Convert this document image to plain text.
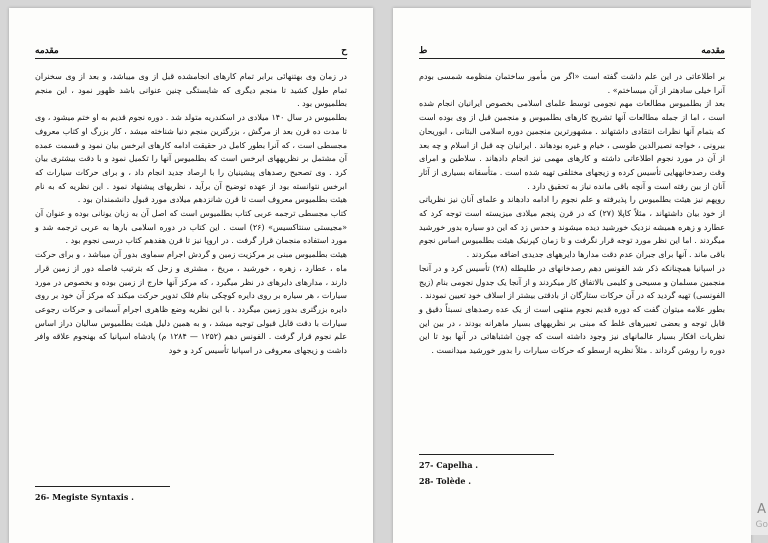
مقدمه	ح

در زمان وی بهتنهائی برابر تمام کارهای انجامشده قبل از وی میباشد، و بعد از وی سخنران تمام طول کشید تا منجم دیگری که شایستگی چنین عنوانی باشد ظهور نمود ، این منجم بطلمیوس بود .

بطلمیوس در سال ۱۴۰ میلادی در اسکندریه متولد شد . دوره نجوم قدیم به او ختم میشود ، وی تا مدت ده قرن بعد از مرگش ، بزرگترین منجم دنیا شناخته میشد ، کار بزرگ او کتاب معروف مجسطی است ، که آنرا بطور کامل در حقیقت ادامه کارهای ابرخس بیان نمود و قسمت عمده آن مشتمل بر نظریههای ابرخس است که بطلمیوس آنها را تکمیل نمود و با دقت بیشتری بیان کرد . وی تصحیح رصدهای پیشینیان را با ارصاد جدید انجام داد ، و برای حرکات سیارات که ابرخس نتوانسته بود از عهده توضیح آن برآید ، نظریهای پیشنهاد نمود . این نظریه که به نام هیئت بطلمیوس معروف است تا قرن شانزدهم میلادی مورد قبول دانشمندان بود .

کتاب مجسطی ترجمه عربی کتاب بطلمیوس است که اصل آن به زبان یونانی بوده و عنوان آن «مجیستی سنتاکسیس» (۲۶) است . این کتاب در دوره اسلامی بارها به عربی ترجمه شد و مورد استفاده منجمان قرار گرفت . در اروپا نیز تا قرن هفدهم کتاب درسی نجوم بود .

هیئت بطلمیوس مبنی بر مرکزیت زمین و گردش اجرام سماوی بدور آن میباشد ، و برای حرکت ماه ، عطارد ، زهره ، خورشید ، مریخ ، مشتری و زحل که بترتیب فاصله دور از زمین قرار دارند ، مدارهای دایرهای در نظر میگیرد ، که مرکز آنها خارج از زمین بوده و بخصوص در مورد سیارات ، هر سیاره بر روی دایره کوچکی بنام فلک تدویر حرکت میکند که مرکز آن خود بر روی دایره بزرگتری بدور زمین میگردد . با این نظریه وضع ظاهری اجرام آسمانی و حرکات رجوعی سیارات با دقت قابل قبولی توجیه میشد ، و به همین دلیل هیئت بطلمیوس سالیان دراز اساس علم نجوم قرار گرفت . الفونس دهم (۱۲۵۲ — ۱۲۸۴ م) پادشاه اسپانیا که بهنجوم علاقه وافر داشت و زیجهای معروفی در اسپانیا تأسیس کرد و خود

26- Megiste Syntaxis .
ط	مقدمه

بر اطلاعاتی در این علم داشت گفته است «اگر من مأمور ساختمان منظومه شمسی بودم آنرا خیلی سادهتر از آن میساختم» .

بعد از بطلمیوس مطالعات مهم نجومی توسط علمای اسلامی بخصوص ایرانیان انجام شده است ، اما از جمله مطالعات آنها تشریح کارهای بطلمیوس و منجمین قبل از وی بوده است که بتمام آنها نظرات انتقادی داشتهاند . مشهورترین منجمین دوره اسلامی البتانی ، ابوریحان بیرونی ، خواجه نصیرالدین طوسی ، خیام و غیره بودهاند . ایرانیان چه قبل از اسلام و چه بعد از آن در مورد نجوم اطلاعاتی داشته و کارهای مهمی نیز انجام دادهاند . سلاطین و امرای وقت رصدخانههایی تأسیس کرده و زیجهای مختلفی تهیه شده است . متأسفانه بسیاری از آثار آنان از بین رفته است و آنچه باقی مانده نیاز به تحقیق دارد .

روپهم نیز هیئت بطلمیوس را پذیرفته و علم نجوم را ادامه دادهاند و علمای آنان نیز نظریاتی از خود بیان داشتهاند ، مثلاً کاپلا (۲۷) که در قرن پنجم میلادی میزیسته است توجه کرد که عطارد و زهره همیشه نزدیک خورشید دیده میشوند و حدس زد که این دو سیاره بدور خورشید میگردند . اما این نظر مورد توجه قرار نگرفت و تا زمان کپرنیک هیئت بطلمیوس اساس نجوم باقی ماند . آنها برای جبران عدم دقت مدارها دایرههای جدیدی اضافه میکردند .

در اسپانیا همچنانکه ذکر شد الفونس دهم رصدخانهای در طلیطله (۲۸) تأسیس کرد و در آنجا منجمین مسلمان و مسیحی و کلیمی بالاتفاق کار میکردند و از آنجا یک جدول نجومی بنام (زیج الفونسی) تهیه گردید که در آن حرکات ستارگان از بادقتی بیشتر از اسلاف خود تعیین نمودند .

بطور علامه میتوان گفت که دوره قدیم نجوم منتهی است از یک عده رصدهای نسبتاً دقیق و قابل توجه و بعضی تعبیرهای غلط که مبنی بر نظریههای بسیار ماهرانه بودند ، در بین این نظریات افکار بسیار عالمانهای نیز وجود داشته است که چون اشتباهاتی در آنها بود تا این دوره را روشن گرداند . مثلاً نظریه ارسطو که حرکات سیارات را بدور خورشید میدانست .

27- Capelha .
28- Tolède .
A
Go
